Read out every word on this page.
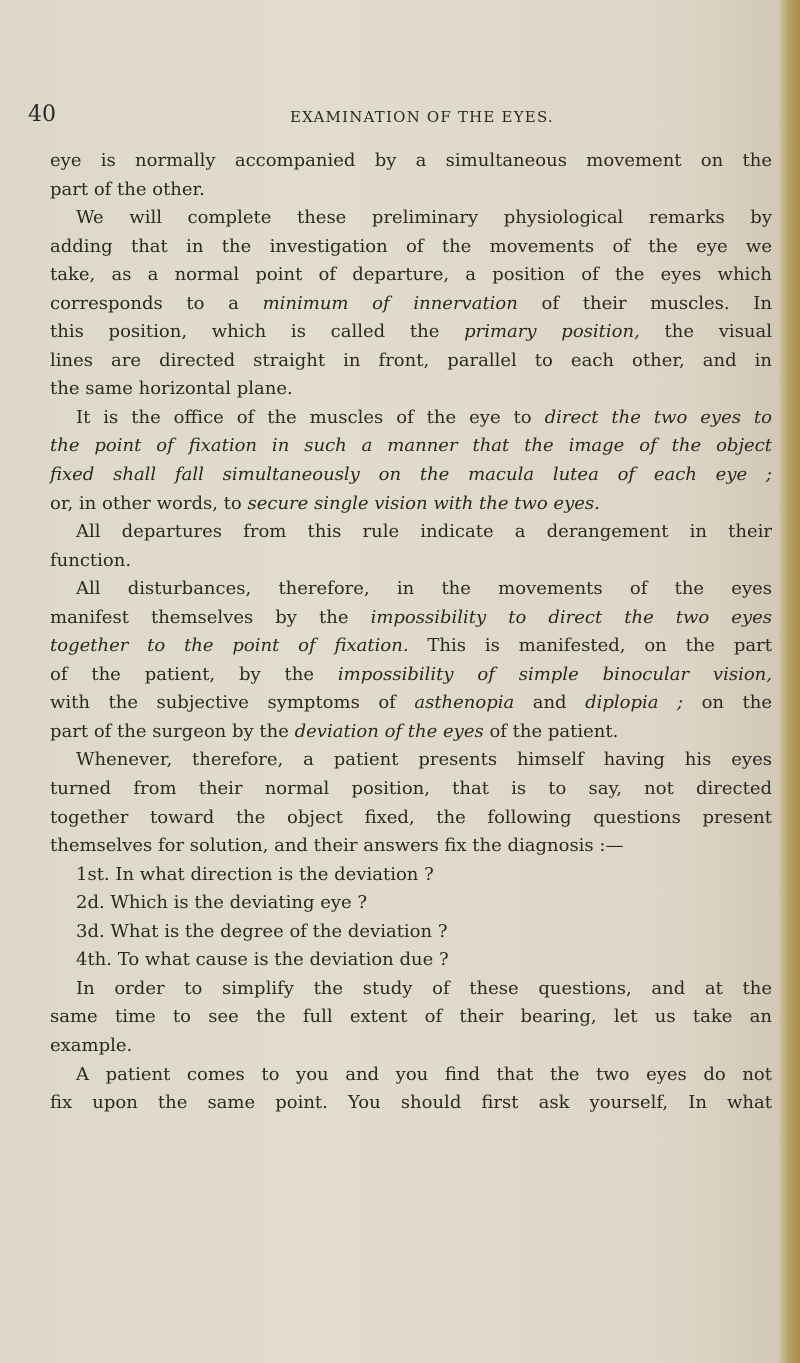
40	EXAMINATION OF THE EYES.
eye is normally accompanied by a simultaneous movement on the
part of the other.
We will complete these preliminary physiological remarks by
adding that in the investigation of the movements of the eye we
take, as a normal point of departure, a position of the eyes which
corresponds to a minimum of innervation of their muscles. In
this position, which is called the primary position, the visual
lines are directed straight in front, parallel to each other, and in
the same horizontal plane.
It is the office of the muscles of the eye to direct the two eyes to
the point of fixation in such a manner that the image of the object
fixed shall fall simultaneously on the macula lutea of each eye ;
or, in other words, to secure single vision with the two eyes.
All departures from this rule indicate a derangement in their
function.
All disturbances, therefore, in the movements of the eyes
manifest themselves by the impossibility to direct the two eyes
together to the point of fixation. This is manifested, on the part
of the patient, by the impossibility of simple binocular vision,
with the subjective symptoms of asthenopia and diplopia ; on the
part of the surgeon by the deviation of the eyes of the patient.
Whenever, therefore, a patient presents himself having his eyes
turned from their normal position, that is to say, not directed
together toward the object fixed, the following questions present
themselves for solution, and their answers fix the diagnosis :—
1st. In what direction is the deviation ?
2d. Which is the deviating eye ?
3d. What is the degree of the deviation ?
4th. To what cause is the deviation due ?
In order to simplify the study of these questions, and at the
same time to see the full extent of their bearing, let us take an
example.
A patient comes to you and you find that the two eyes do not
fix upon the same point. You should first ask yourself, In what
